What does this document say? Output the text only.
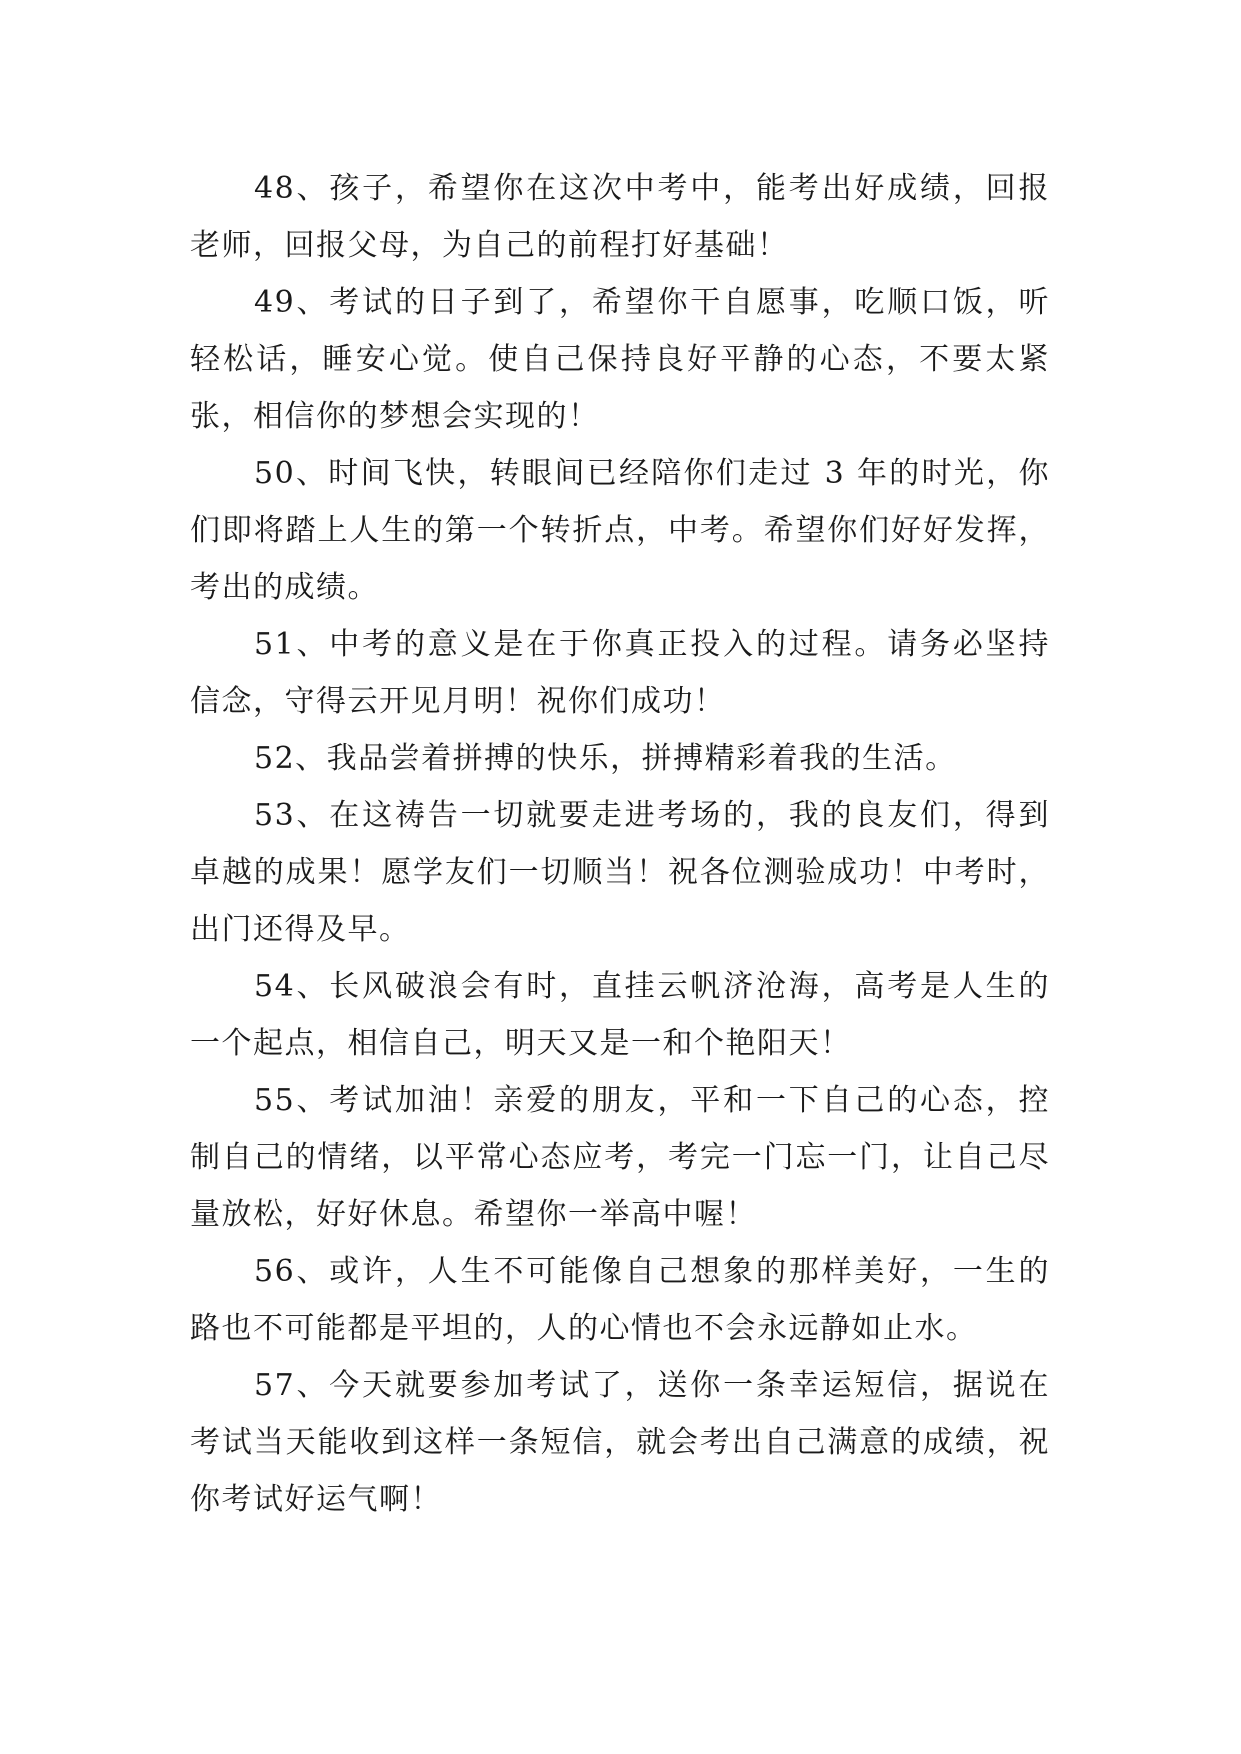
48、孩子，希望你在这次中考中，能考出好成绩，回报老师，回报父母，为自己的前程打好基础！

49、考试的日子到了，希望你干自愿事，吃顺口饭，听轻松话，睡安心觉。使自己保持良好平静的心态，不要太紧张，相信你的梦想会实现的！

50、时间飞快，转眼间已经陪你们走过 3 年的时光，你们即将踏上人生的第一个转折点，中考。希望你们好好发挥，考出的成绩。

51、中考的意义是在于你真正投入的过程。请务必坚持信念，守得云开见月明！祝你们成功！

52、我品尝着拼搏的快乐，拼搏精彩着我的生活。

53、在这祷告一切就要走进考场的，我的良友们，得到卓越的成果！愿学友们一切顺当！祝各位测验成功！中考时，出门还得及早。

54、长风破浪会有时，直挂云帆济沧海，高考是人生的一个起点，相信自己，明天又是一和个艳阳天！

55、考试加油！亲爱的朋友，平和一下自己的心态，控制自己的情绪，以平常心态应考，考完一门忘一门，让自己尽量放松，好好休息。希望你一举高中喔！

56、或许，人生不可能像自己想象的那样美好，一生的路也不可能都是平坦的，人的心情也不会永远静如止水。

57、今天就要参加考试了，送你一条幸运短信，据说在考试当天能收到这样一条短信，就会考出自己满意的成绩，祝你考试好运气啊！
